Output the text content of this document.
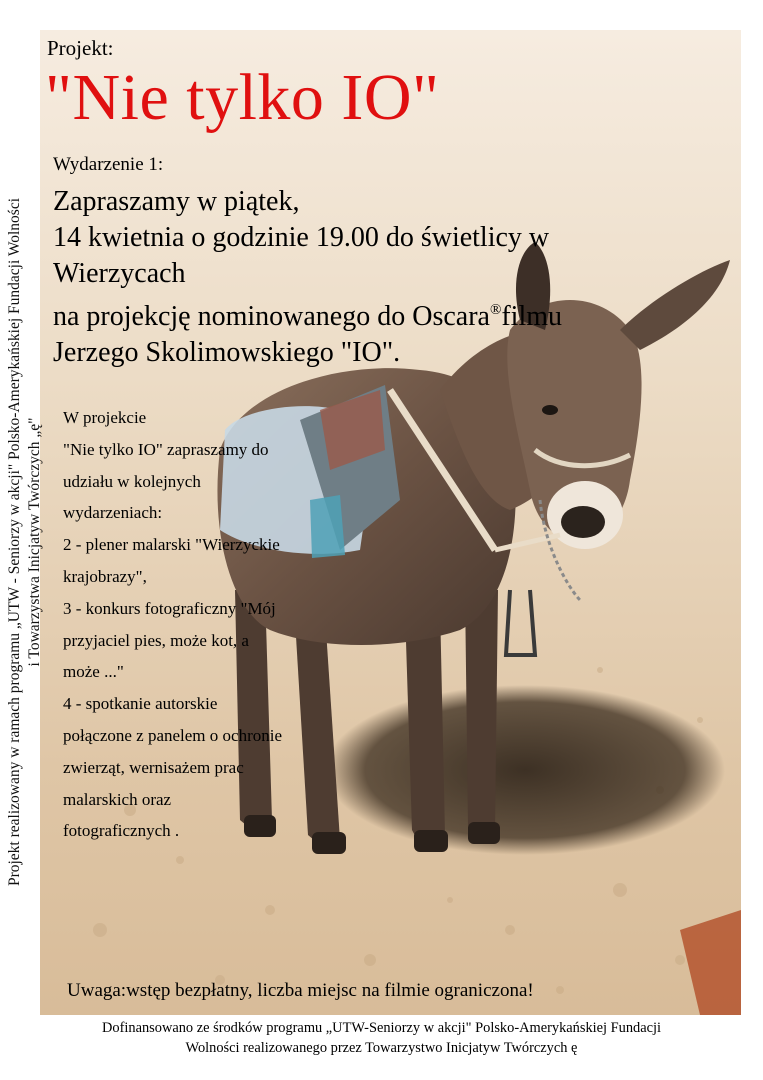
Projekt realizowany w ramach programu „UTW - Seniorzy w akcji" Polsko-Amerykańskiej Fundacji Wolności i Towarzystwa Inicjatyw Twórczych „ę"
Projekt:
"Nie tylko IO"
Wydarzenie 1:
Zapraszamy w piątek,
14 kwietnia o godzinie 19.00 do świetlicy w
Wierzycach
na projekcję nominowanego do Oscara®filmu
Jerzego Skolimowskiego "IO".
W projekcie
"Nie tylko IO" zapraszamy do
udziału w kolejnych
wydarzeniach:
2 - plener malarski "Wierzyckie
krajobrazy",
3 - konkurs fotograficzny "Mój
przyjaciel pies, może kot, a
może ..."
4 - spotkanie autorskie
połączone z panelem o ochronie
zwierząt, wernisażem prac
malarskich oraz
fotograficznych .
Uwaga:wstęp bezpłatny, liczba miejsc na filmie ograniczona!
Dofinansowano ze środków programu „UTW-Seniorzy w akcji" Polsko-Amerykańskiej Fundacji
Wolności realizowanego przez Towarzystwo Inicjatyw Twórczych ę
